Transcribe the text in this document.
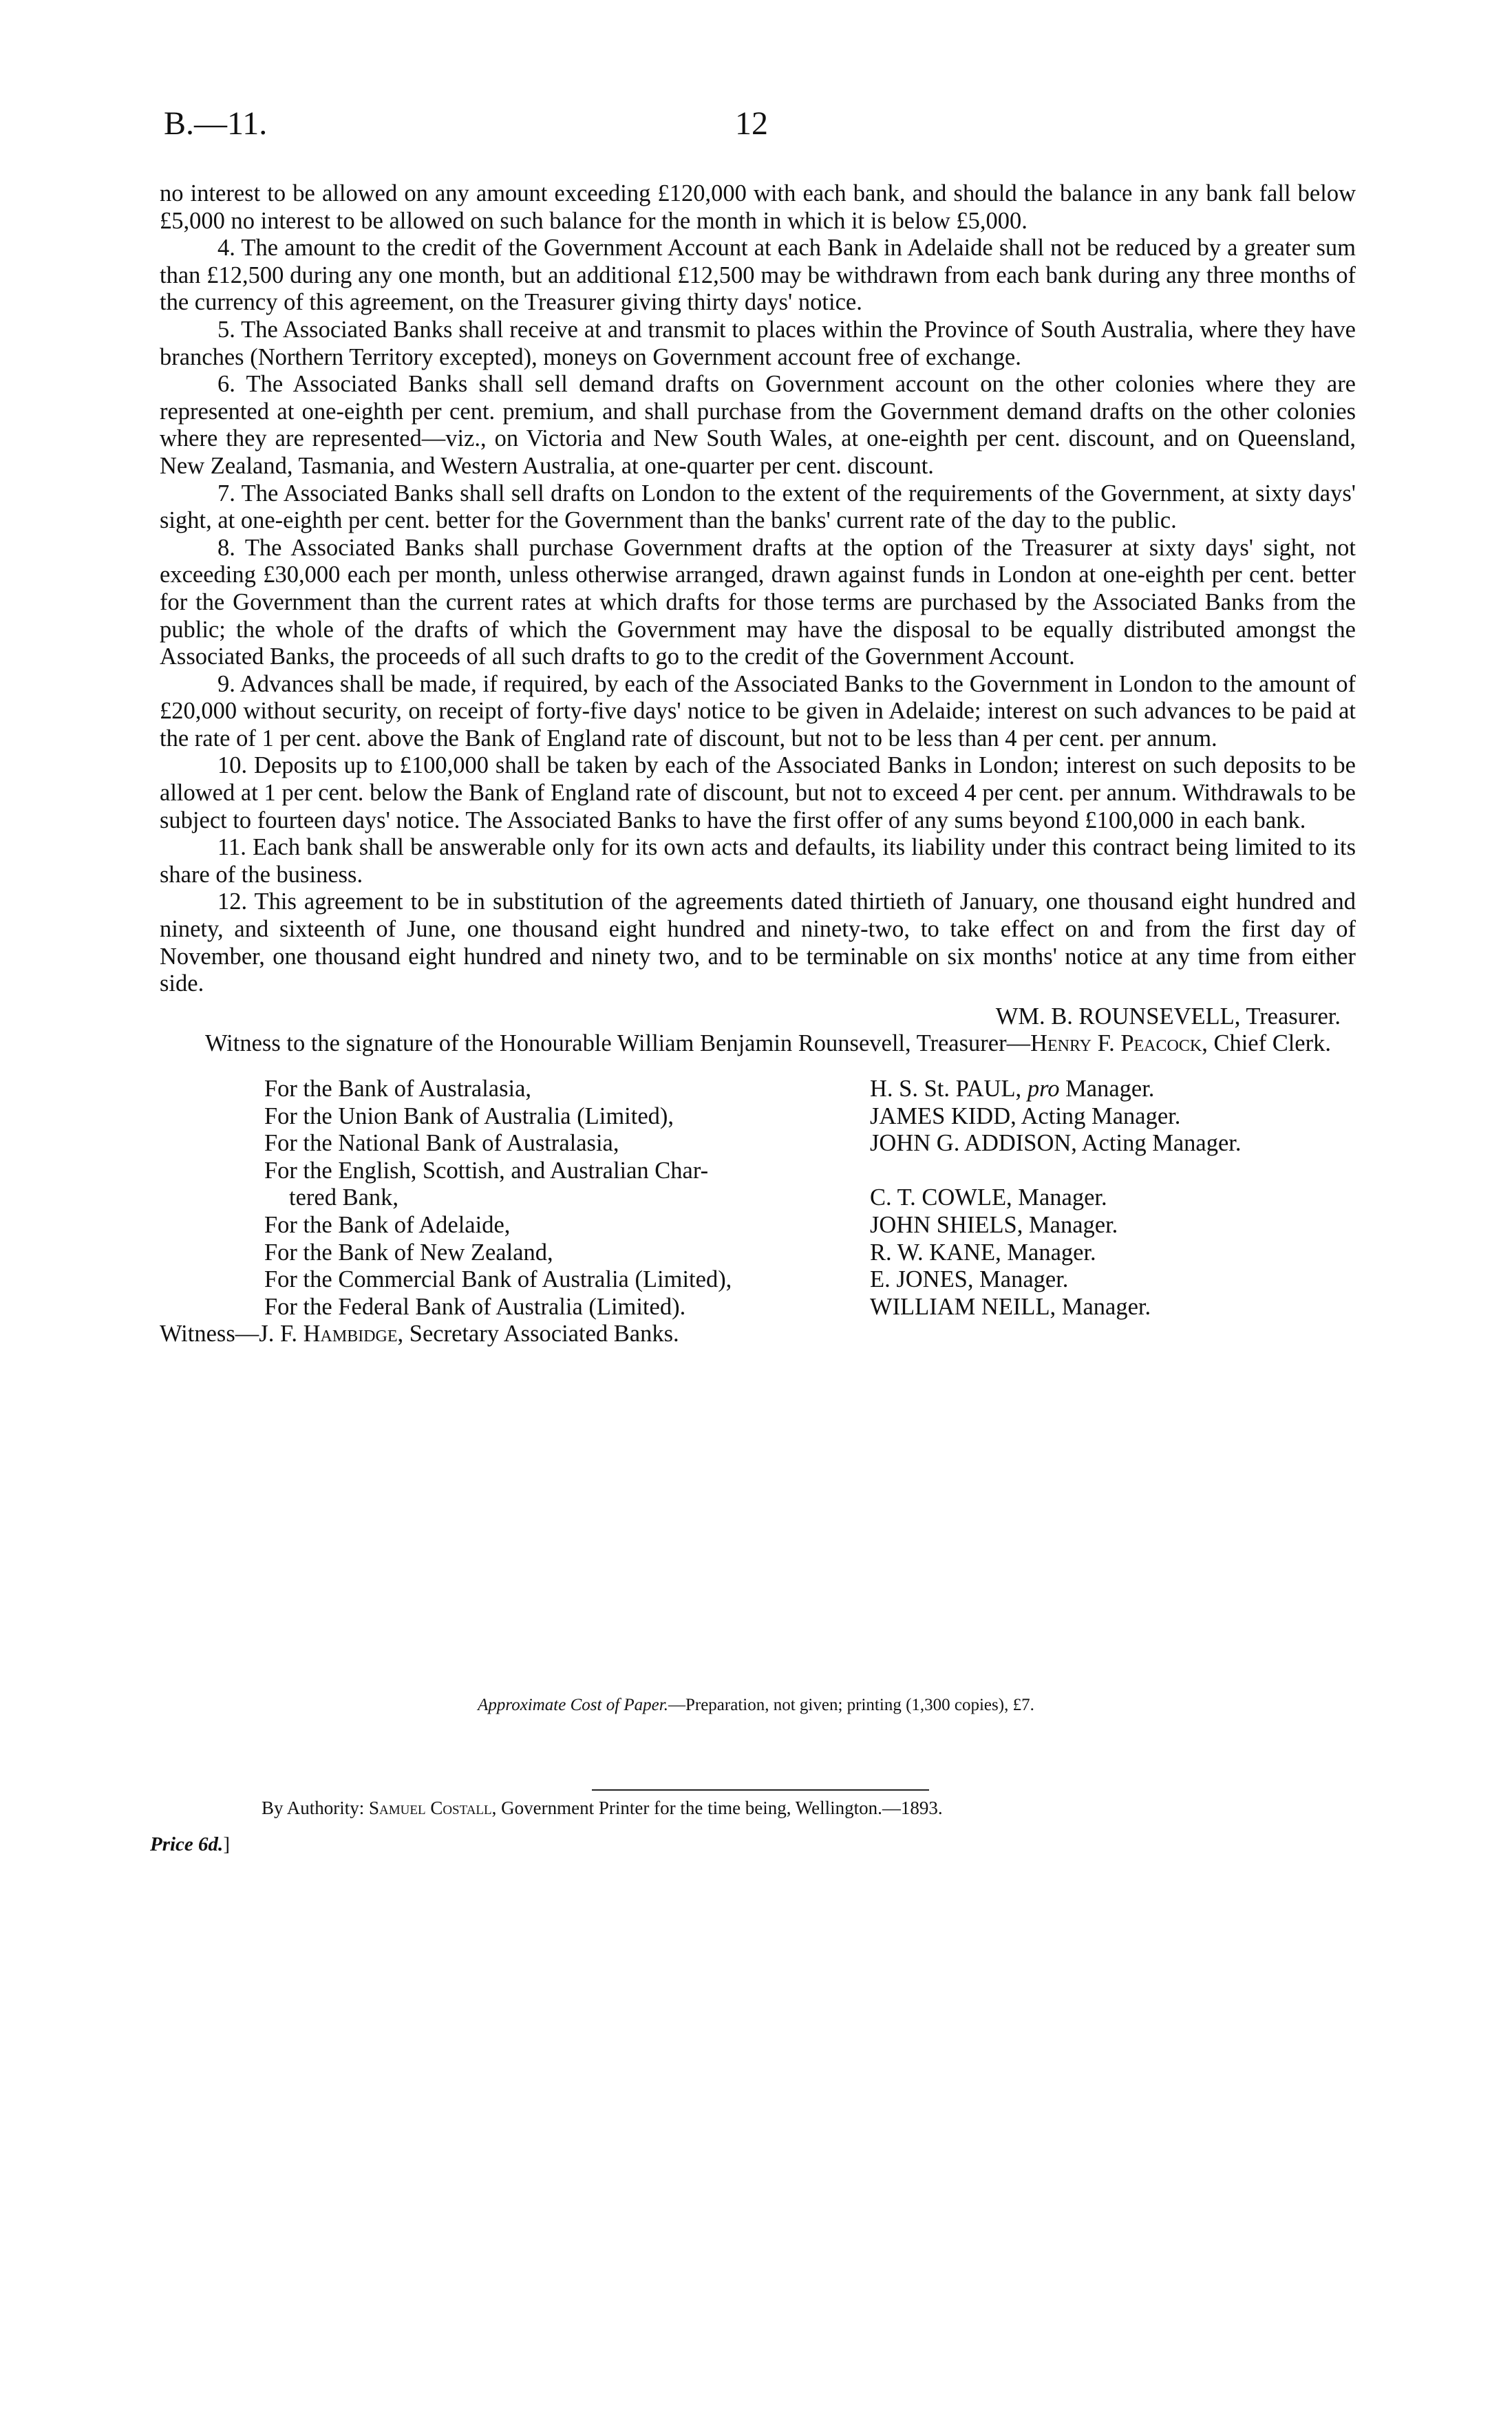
B.—11.	12

no interest to be allowed on any amount exceeding £120,000 with each bank, and should the balance in any bank fall below £5,000 no interest to be allowed on such balance for the month in which it is below £5,000.

4. The amount to the credit of the Government Account at each Bank in Adelaide shall not be reduced by a greater sum than £12,500 during any one month, but an additional £12,500 may be withdrawn from each bank during any three months of the currency of this agreement, on the Treasurer giving thirty days' notice.

5. The Associated Banks shall receive at and transmit to places within the Province of South Australia, where they have branches (Northern Territory excepted), moneys on Government account free of exchange.

6. The Associated Banks shall sell demand drafts on Government account on the other colonies where they are represented at one-eighth per cent. premium, and shall purchase from the Government demand drafts on the other colonies where they are represented—viz., on Victoria and New South Wales, at one-eighth per cent. discount, and on Queensland, New Zealand, Tasmania, and Western Australia, at one-quarter per cent. discount.

7. The Associated Banks shall sell drafts on London to the extent of the requirements of the Government, at sixty days' sight, at one-eighth per cent. better for the Government than the banks' current rate of the day to the public.

8. The Associated Banks shall purchase Government drafts at the option of the Treasurer at sixty days' sight, not exceeding £30,000 each per month, unless otherwise arranged, drawn against funds in London at one-eighth per cent. better for the Government than the current rates at which drafts for those terms are purchased by the Associated Banks from the public; the whole of the drafts of which the Government may have the disposal to be equally distributed amongst the Associated Banks, the proceeds of all such drafts to go to the credit of the Government Account.

9. Advances shall be made, if required, by each of the Associated Banks to the Government in London to the amount of £20,000 without security, on receipt of forty-five days' notice to be given in Adelaide; interest on such advances to be paid at the rate of 1 per cent. above the Bank of England rate of discount, but not to be less than 4 per cent. per annum.

10. Deposits up to £100,000 shall be taken by each of the Associated Banks in London; interest on such deposits to be allowed at 1 per cent. below the Bank of England rate of discount, but not to exceed 4 per cent. per annum. Withdrawals to be subject to fourteen days' notice. The Associated Banks to have the first offer of any sums beyond £100,000 in each bank.

11. Each bank shall be answerable only for its own acts and defaults, its liability under this contract being limited to its share of the business.

12. This agreement to be in substitution of the agreements dated thirtieth of January, one thousand eight hundred and ninety, and sixteenth of June, one thousand eight hundred and ninety-two, to take effect on and from the first day of November, one thousand eight hundred and ninety two, and to be terminable on six months' notice at any time from either side.

WM. B. ROUNSEVELL, Treasurer.

Witness to the signature of the Honourable William Benjamin Rounsevell, Treasurer—Henry F. Peacock, Chief Clerk.

For the Bank of Australasia,	H. S. St. PAUL, pro Manager.
For the Union Bank of Australia (Limited),	JAMES KIDD, Acting Manager.
For the National Bank of Australasia,	JOHN G. ADDISON, Acting Manager.
For the English, Scottish, and Australian Char-
tered Bank,	C. T. COWLE, Manager.
For the Bank of Adelaide,	JOHN SHIELS, Manager.
For the Bank of New Zealand,	R. W. KANE, Manager.
For the Commercial Bank of Australia (Limited),	E. JONES, Manager.
For the Federal Bank of Australia (Limited).	WILLIAM NEILL, Manager.

Witness—J. F. Hambidge, Secretary Associated Banks.

Approximate Cost of Paper.—Preparation, not given; printing (1,300 copies), £7.
By Authority: Samuel Costall, Government Printer for the time being, Wellington.—1893.
Price 6d.]
